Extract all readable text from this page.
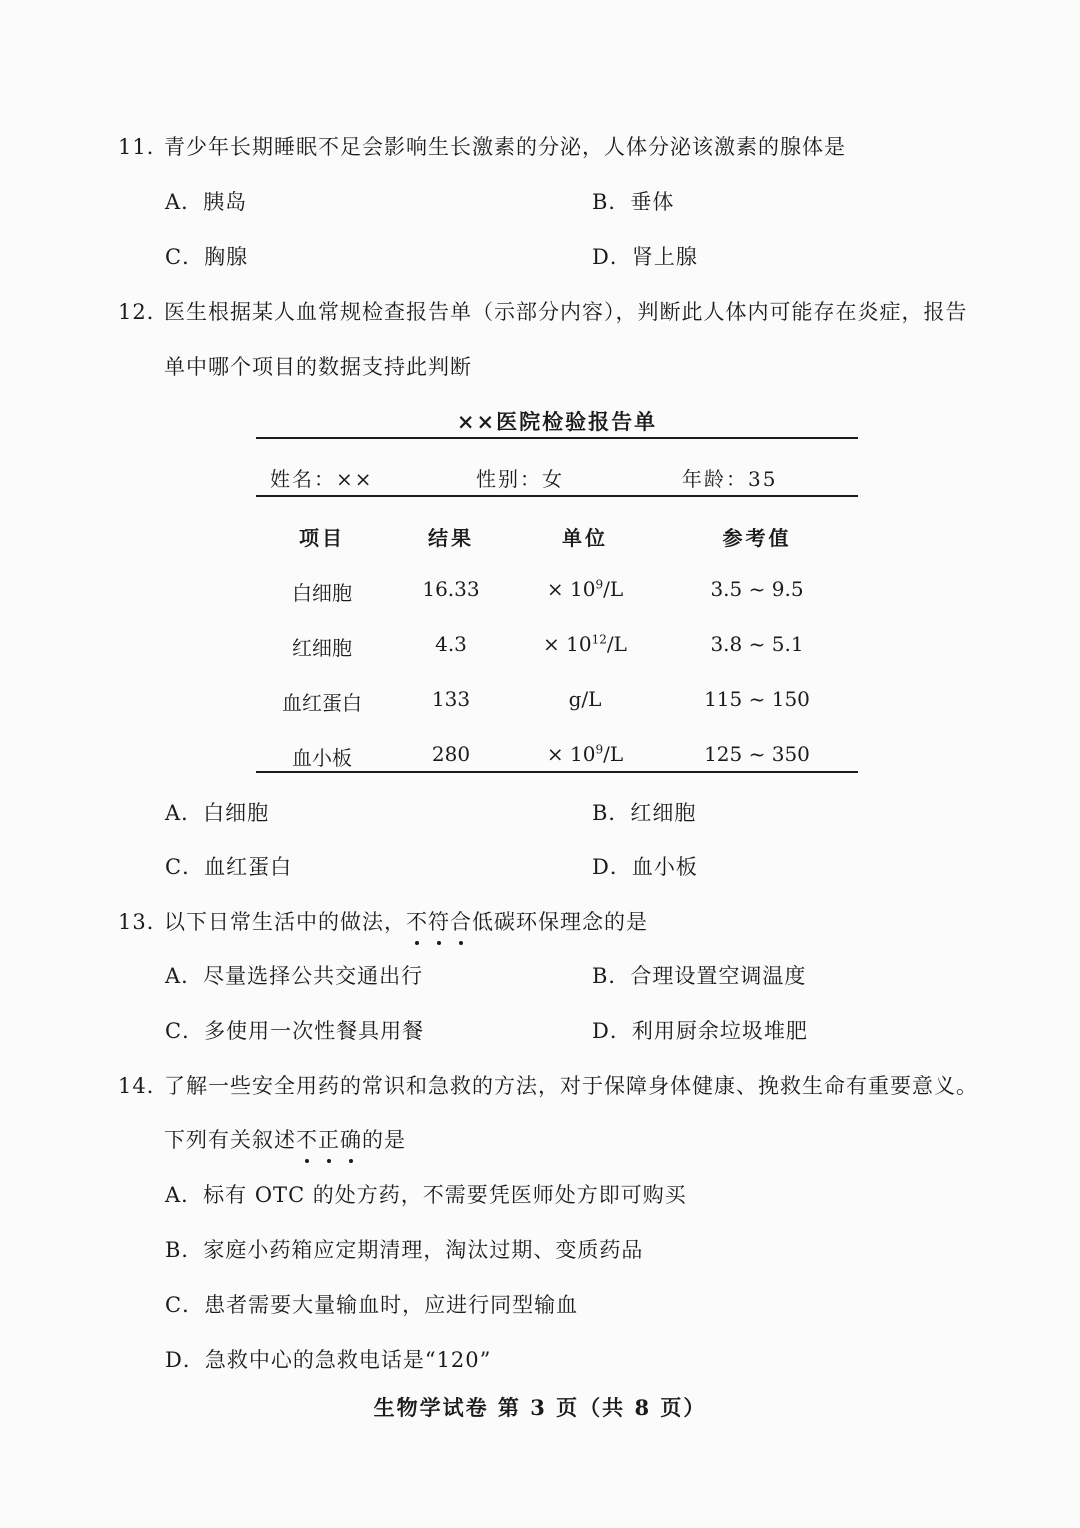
11．青少年长期睡眠不足会影响生长激素的分泌，人体分泌该激素的腺体是
A．胰岛	B．垂体
C．胸腺	D．肾上腺
12．医生根据某人血常规检查报告单（示部分内容），判断此人体内可能存在炎症，报告
单中哪个项目的数据支持此判断
××医院检验报告单
姓名：××	性别：女	年龄：35
项目	结果	单位	参考值
白细胞	16.33	× $10^9/L$	3.5 ~ 9.5
红细胞	4.3	× $10^{12}/L$	3.8 ~ 5.1
血红蛋白	133	g/L	115 ~ 150
血小板	280	× $10^9/L$	125 ~ 350
A．白细胞	B．红细胞
C．血红蛋白	D．血小板
13．以下日常生活中的做法，不符合低碳环保理念的是
A．尽量选择公共交通出行	B．合理设置空调温度
C．多使用一次性餐具用餐	D．利用厨余垃圾堆肥
14．了解一些安全用药的常识和急救的方法，对于保障身体健康、挽救生命有重要意义。
下列有关叙述不正确的是
A．标有 OTC 的处方药，不需要凭医师处方即可购买
B．家庭小药箱应定期清理，淘汰过期、变质药品
C．患者需要大量输血时，应进行同型输血
D．急救中心的急救电话是“120”
生物学试卷 第 3 页（共 8 页）
